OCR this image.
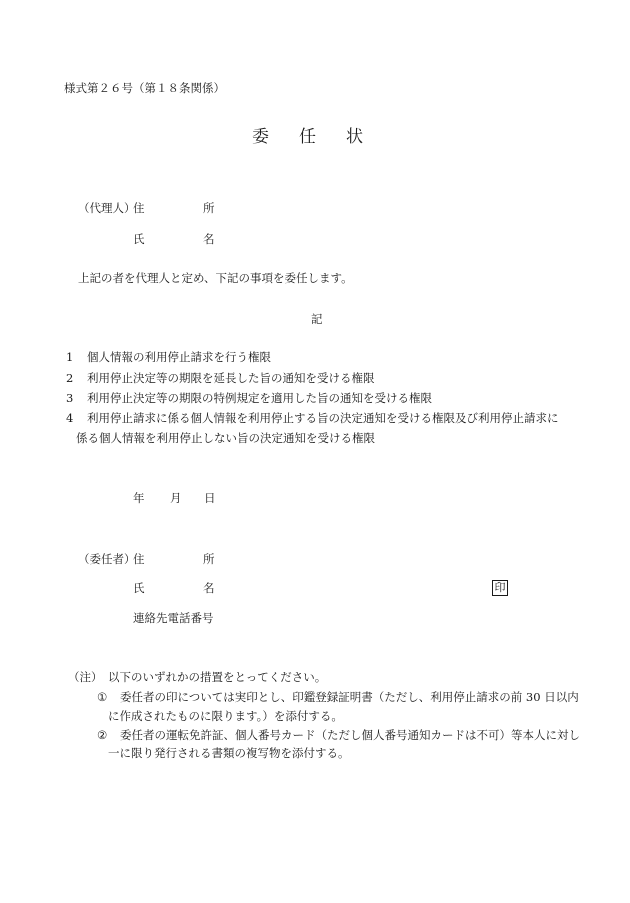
様式第２６号（第１８条関係）
委 任 状
（代理人）
住	所
氏	名
上記の者を代理人と定め、下記の事項を委任します。
記
1 個人情報の利用停止請求を行う権限
2 利用停止決定等の期限を延長した旨の通知を受ける権限
3 利用停止決定等の期限の特例規定を適用した旨の通知を受ける権限
4 利用停止請求に係る個人情報を利用停止する旨の決定通知を受ける権限及び利用停止請求に
係る個人情報を利用停止しない旨の決定通知を受ける権限
年 月 日
（委任者）
住	所
氏	名	印
連絡先電話番号
（注） 以下のいずれかの措置をとってください。
① 委任者の印については実印とし、印鑑登録証明書（ただし、利用停止請求の前 30 日以内
に作成されたものに限ります。）を添付する。
② 委任者の運転免許証、個人番号カード（ただし個人番号通知カードは不可）等本人に対し
一に限り発行される書類の複写物を添付する。
